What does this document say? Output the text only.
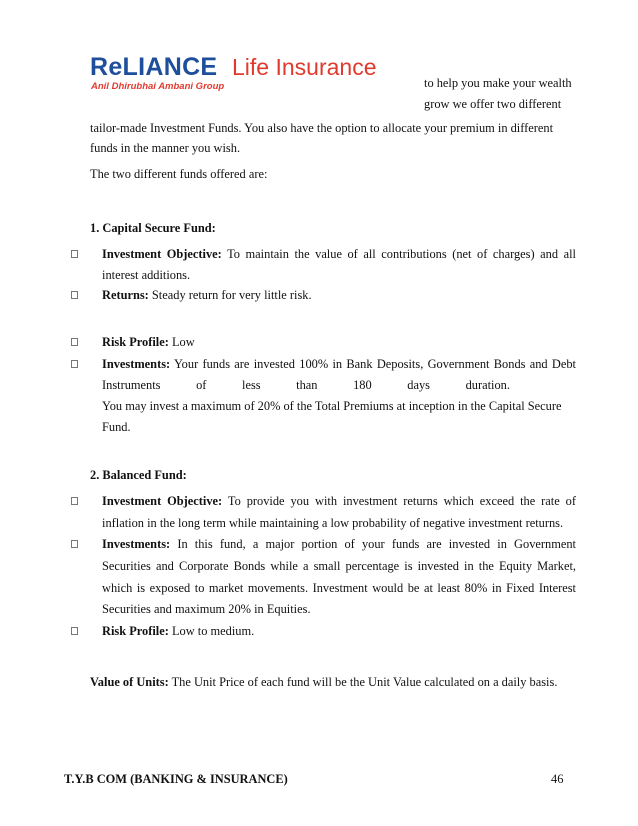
ReLIANCE Life Insurance
Anil Dhirubhai Ambani Group	to help you make your wealth
grow we offer two different
tailor-made Investment Funds. You also have the option to allocate your premium in different
funds in the manner you wish.
The two different funds offered are:
1. Capital Secure Fund:
Investment Objective: To maintain the value of all contributions (net of charges) and all
interest additions.
Returns: Steady return for very little risk.
Risk Profile: Low
Investments: Your funds are invested 100% in Bank Deposits, Government Bonds and Debt
Instruments	of	less	than	180	days	duration.
You may invest a maximum of 20% of the Total Premiums at inception in the Capital Secure
Fund.
2. Balanced Fund:
Investment Objective: To provide you with investment returns which exceed the rate of
inflation in the long term while maintaining a low probability of negative investment returns.
Investments: In this fund, a major portion of your funds are invested in Government
Securities and Corporate Bonds while a small percentage is invested in the Equity Market,
which is exposed to market movements. Investment would be at least 80% in Fixed Interest
Securities and maximum 20% in Equities.
Risk Profile: Low to medium.
Value of Units: The Unit Price of each fund will be the Unit Value calculated on a daily basis.
T.Y.B COM (BANKING & INSURANCE)	46
